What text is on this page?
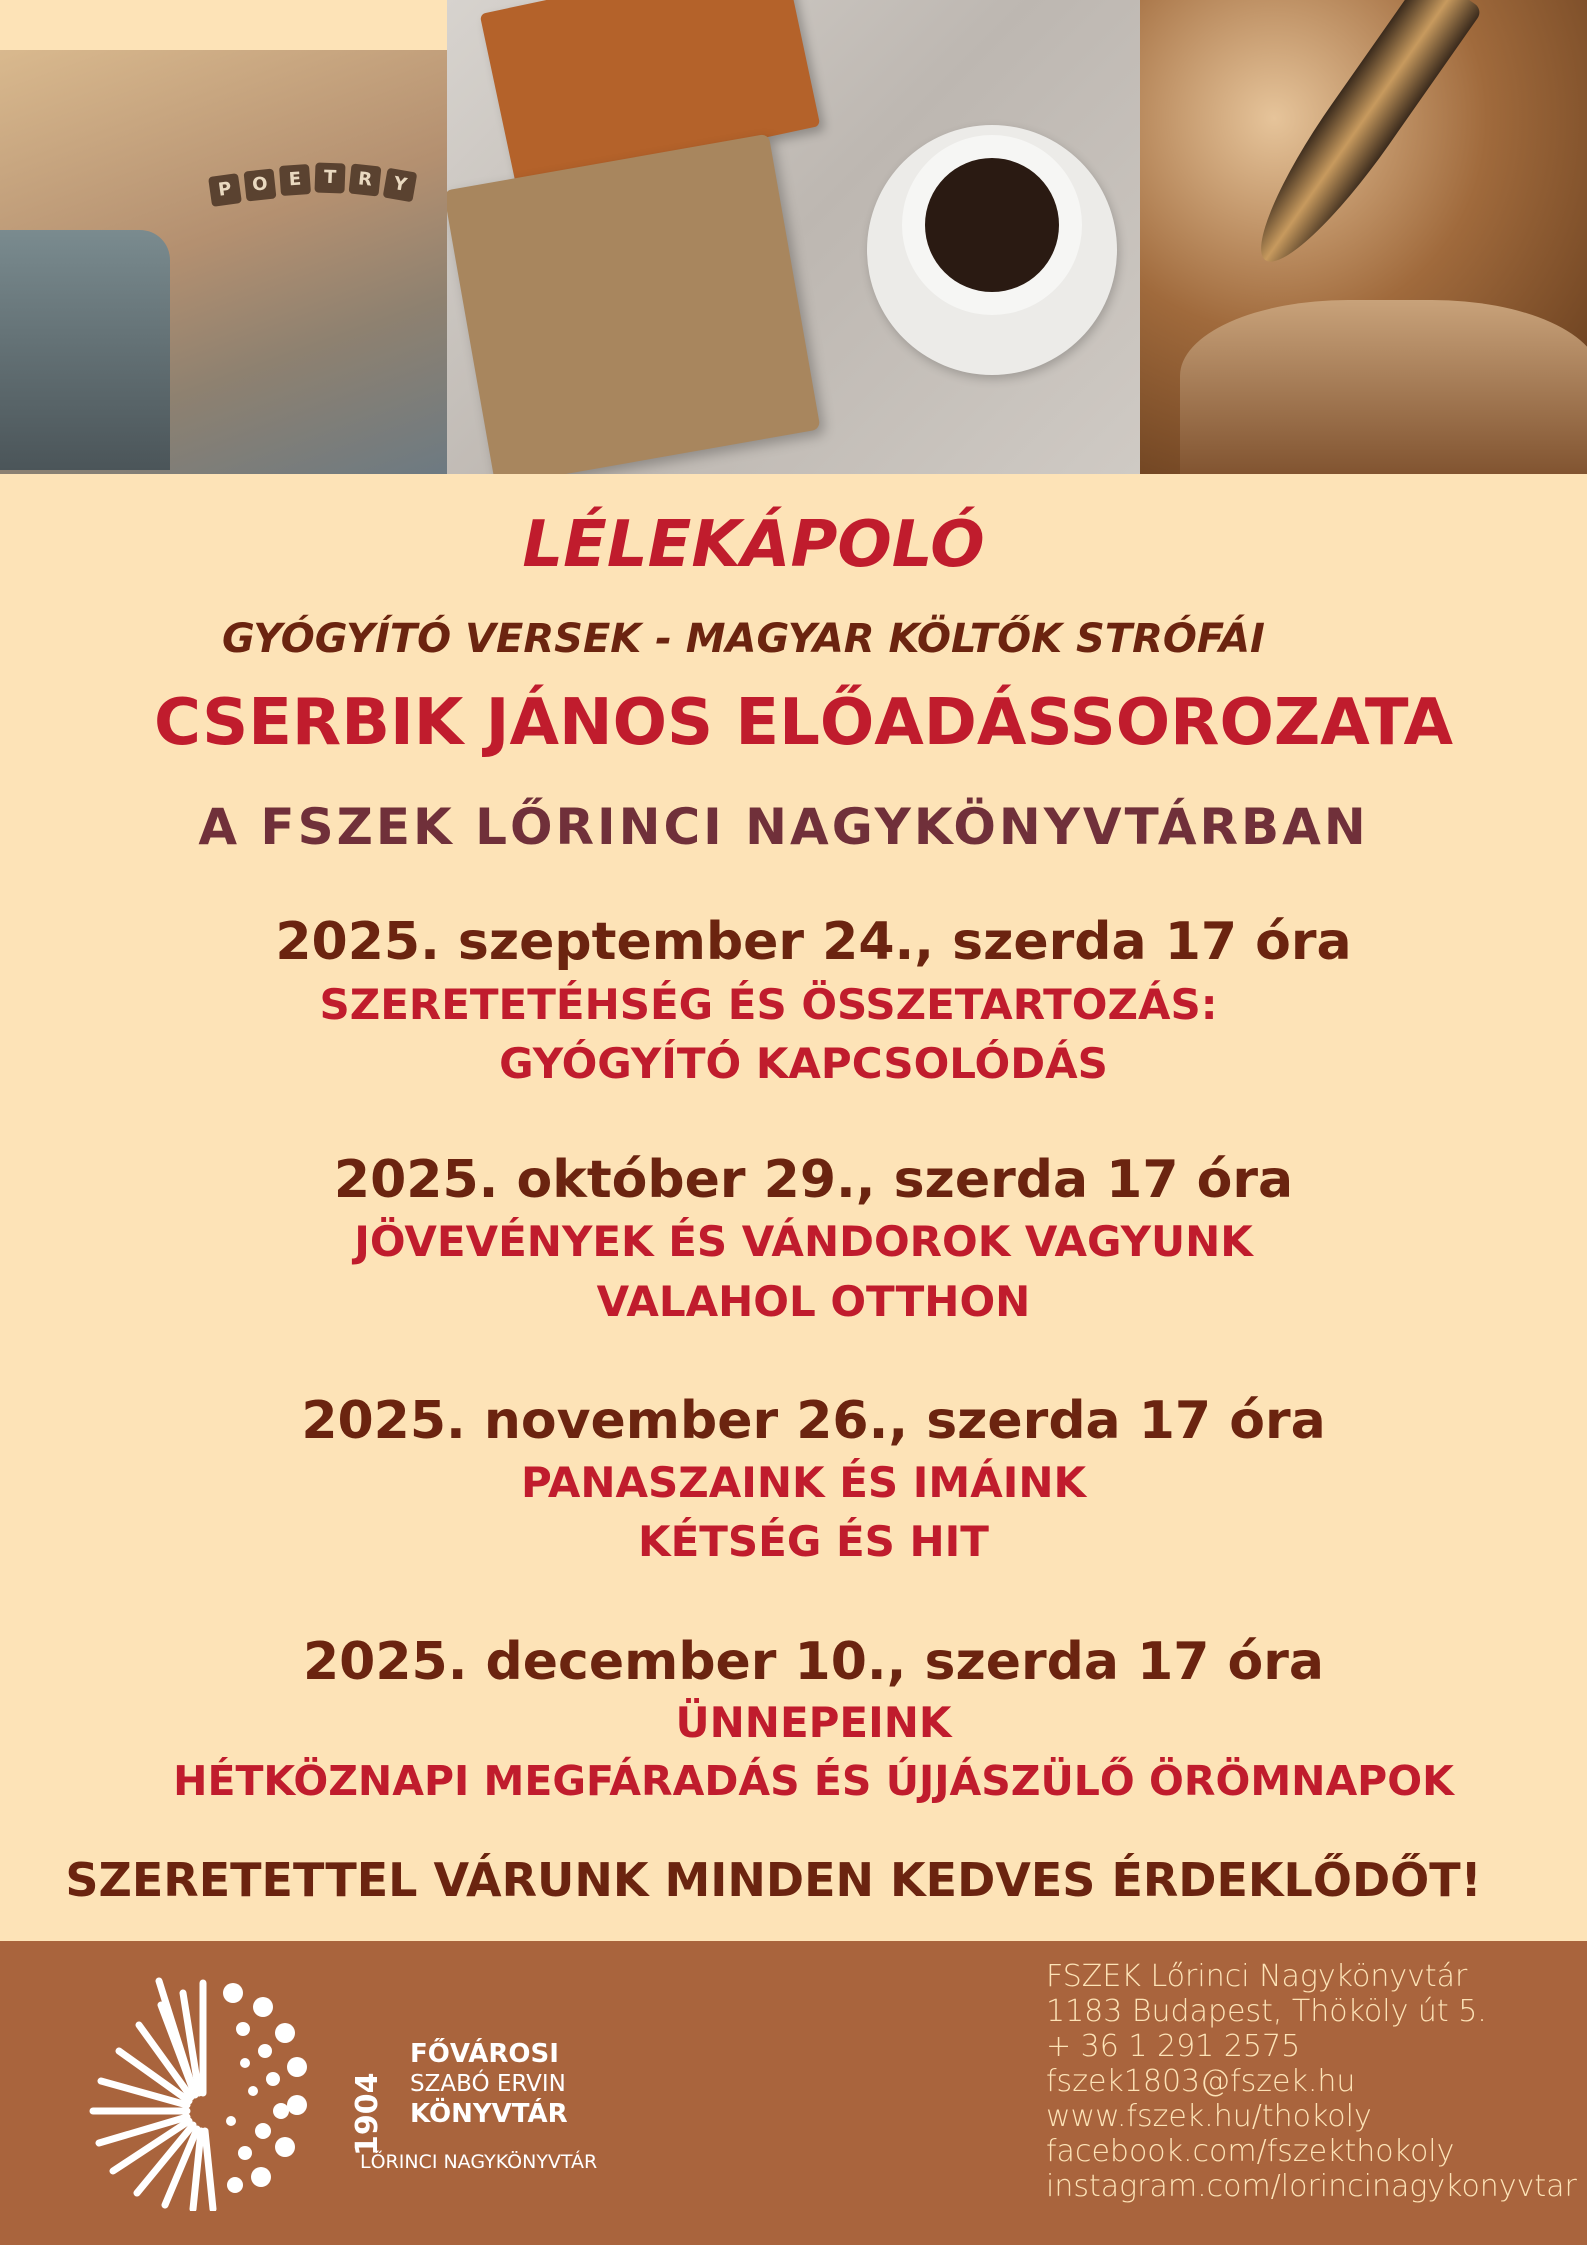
P	O	E	T	R	Y
LÉLEKÁPOLÓ
GYÓGYÍTÓ VERSEK - MAGYAR KÖLTŐK STRÓFÁI
CSERBIK JÁNOS ELŐADÁSSOROZATA
A FSZEK LŐRINCI NAGYKÖNYVTÁRBAN
2025. szeptember 24., szerda 17 óra
SZERETETÉHSÉG ÉS ÖSSZETARTOZÁS:
GYÓGYÍTÓ KAPCSOLÓDÁS
2025. október 29., szerda 17 óra
JÖVEVÉNYEK ÉS VÁNDOROK VAGYUNK
VALAHOL OTTHON
2025. november 26., szerda 17 óra
PANASZAINK ÉS IMÁINK
KÉTSÉG ÉS HIT
2025. december 10., szerda 17 óra
ÜNNEPEINK
HÉTKÖZNAPI MEGFÁRADÁS ÉS ÚJJÁSZÜLŐ ÖRÖMNAPOK
SZERETETTEL VÁRUNK MINDEN KEDVES ÉRDEKLŐDŐT!
1904
FŐVÁROSI
SZABÓ ERVIN
KÖNYVTÁR
LŐRINCI NAGYKÖNYVTÁR
FSZEK Lőrinci Nagykönyvtár
1183 Budapest, Thököly út 5.
+ 36 1 291 2575
fszek1803@fszek.hu
www.fszek.hu/thokoly
facebook.com/fszekthokoly
instagram.com/lorincinagykonyvtar
